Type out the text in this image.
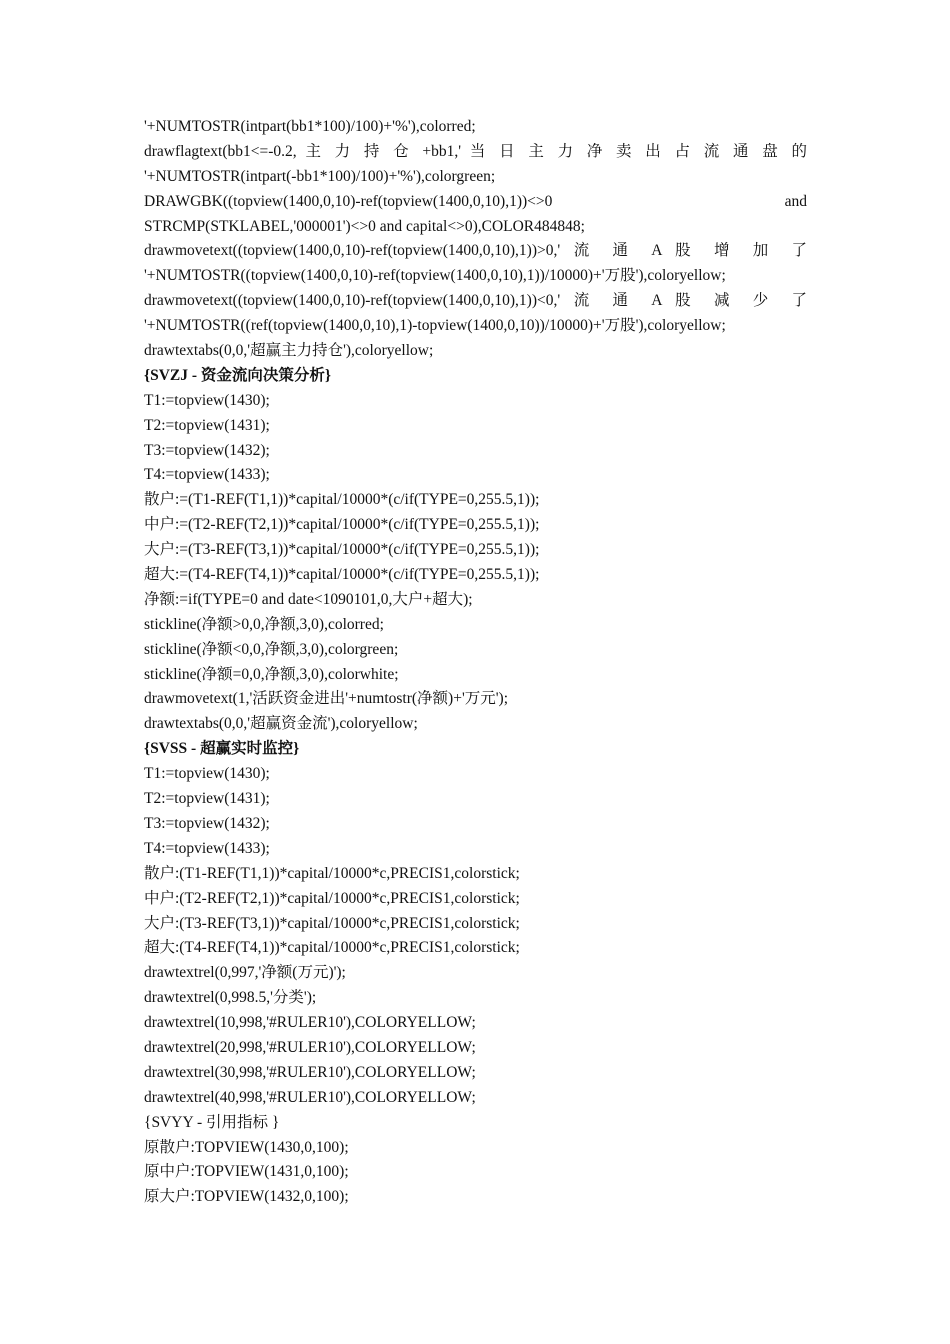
'+NUMTOSTR(intpart(bb1*100)/100)+'%'),colorred;
drawflagtext(bb1<=-0.2, 主 力 持 仓 +bb1,' 当 日 主 力 净 卖 出 占 流 通 盘 的
'+NUMTOSTR(intpart(-bb1*100)/100)+'%'),colorgreen;
DRAWGBK((topview(1400,0,10)-ref(topview(1400,0,10),1))<>0 and
STRCMP(STKLABEL,'000001')<>0 and capital<>0),COLOR484848;
drawmovetext((topview(1400,0,10)-ref(topview(1400,0,10),1))>0,' 流 通 A 股 增 加 了
'+NUMTOSTR((topview(1400,0,10)-ref(topview(1400,0,10),1))/10000)+'万股'),coloryellow;
drawmovetext((topview(1400,0,10)-ref(topview(1400,0,10),1))<0,' 流 通 A 股 减 少 了
'+NUMTOSTR((ref(topview(1400,0,10),1)-topview(1400,0,10))/10000)+'万股'),coloryellow;
drawtextabs(0,0,'超赢主力持仓'),coloryellow;
{SVZJ - 资金流向决策分析}
T1:=topview(1430);
T2:=topview(1431);
T3:=topview(1432);
T4:=topview(1433);
散户:=(T1-REF(T1,1))*capital/10000*(c/if(TYPE=0,255.5,1));
中户:=(T2-REF(T2,1))*capital/10000*(c/if(TYPE=0,255.5,1));
大户:=(T3-REF(T3,1))*capital/10000*(c/if(TYPE=0,255.5,1));
超大:=(T4-REF(T4,1))*capital/10000*(c/if(TYPE=0,255.5,1));
净额:=if(TYPE=0 and date<1090101,0,大户+超大);
stickline(净额>0,0,净额,3,0),colorred;
stickline(净额<0,0,净额,3,0),colorgreen;
stickline(净额=0,0,净额,3,0),colorwhite;
drawmovetext(1,'活跃资金进出'+numtostr(净额)+'万元');
drawtextabs(0,0,'超赢资金流'),coloryellow;
{SVSS - 超赢实时监控}
T1:=topview(1430);
T2:=topview(1431);
T3:=topview(1432);
T4:=topview(1433);
散户:(T1-REF(T1,1))*capital/10000*c,PRECIS1,colorstick;
中户:(T2-REF(T2,1))*capital/10000*c,PRECIS1,colorstick;
大户:(T3-REF(T3,1))*capital/10000*c,PRECIS1,colorstick;
超大:(T4-REF(T4,1))*capital/10000*c,PRECIS1,colorstick;
drawtextrel(0,997,'净额(万元)');
drawtextrel(0,998.5,'分类');
drawtextrel(10,998,'#RULER10'),COLORYELLOW;
drawtextrel(20,998,'#RULER10'),COLORYELLOW;
drawtextrel(30,998,'#RULER10'),COLORYELLOW;
drawtextrel(40,998,'#RULER10'),COLORYELLOW;
{SVYY - 引用指标 }
原散户:TOPVIEW(1430,0,100);
原中户:TOPVIEW(1431,0,100);
原大户:TOPVIEW(1432,0,100);
